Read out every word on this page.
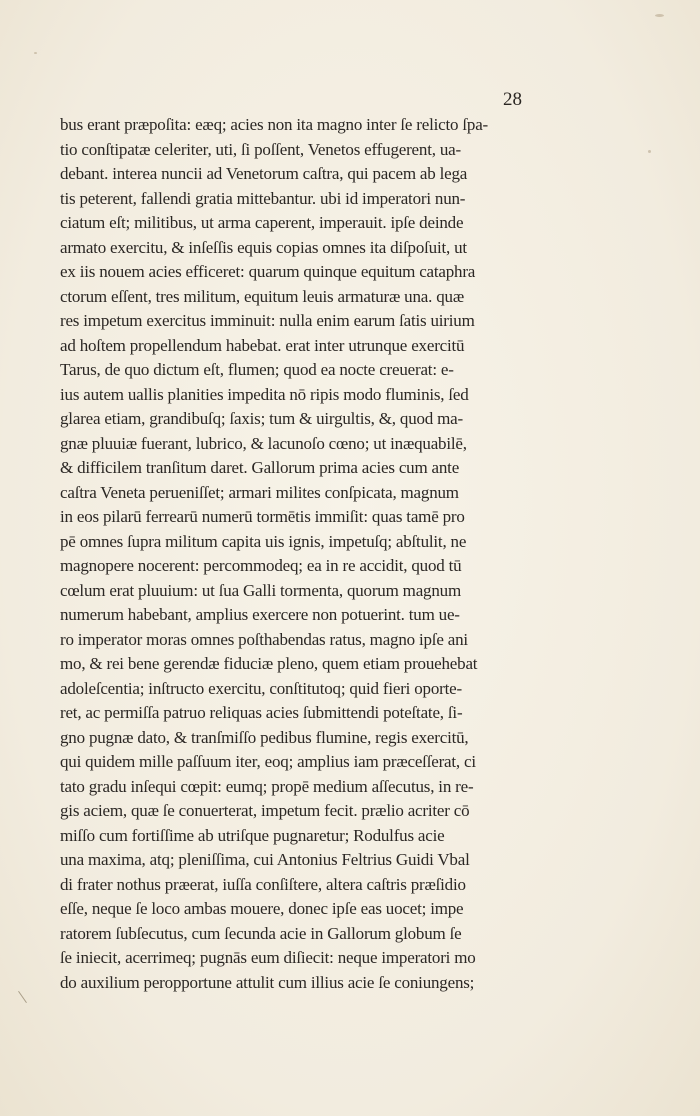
28
bus erant præpoſita: eæq; acies non ita magno inter ſe relicto ſpa-
tio conſtipatæ celeriter, uti, ſi poſſent, Venetos effugerent, ua-
debant. interea nuncii ad Venetorum caſtra, qui pacem ab lega
tis peterent, fallendi gratia mittebantur. ubi id imperatori nun-
ciatum eſt; militibus, ut arma caperent, imperauit. ipſe deinde
armato exercitu, & inſeſſis equis copias omnes ita diſpoſuit, ut
ex iis nouem acies efficeret: quarum quinque equitum cataphra
ctorum eſſent, tres militum, equitum leuis armaturæ una. quæ
res impetum exercitus imminuit: nulla enim earum ſatis uirium
ad hoſtem propellendum habebat. erat inter utrunque exercitū
Tarus, de quo dictum eſt, flumen; quod ea nocte creuerat: e-
ius autem uallis planities impedita nō ripis modo fluminis, ſed
glarea etiam, grandibuſq; ſaxis; tum & uirgultis, &, quod ma-
gnæ pluuiæ fuerant, lubrico, & lacunoſo cœno; ut inæquabilē,
& difficilem tranſitum daret. Gallorum prima acies cum ante
caſtra Veneta perueniſſet; armari milites conſpicata, magnum
in eos pilarū ferrearū numerū tormētis immiſit: quas tamē pro
pē omnes ſupra militum capita uis ignis, impetuſq; abſtulit, ne
magnopere nocerent: percommodeq; ea in re accidit, quod tū
cœlum erat pluuium: ut ſua Galli tormenta, quorum magnum
numerum habebant, amplius exercere non potuerint. tum ue-
ro imperator moras omnes poſthabendas ratus, magno ipſe ani
mo, & rei bene gerendæ fiduciæ pleno, quem etiam prouehebat
adoleſcentia; inſtructo exercitu, conſtitutoq; quid fieri oporte-
ret, ac permiſſa patruo reliquas acies ſubmittendi poteſtate, ſi-
gno pugnæ dato, & tranſmiſſo pedibus flumine, regis exercitū,
qui quidem mille paſſuum iter, eoq; amplius iam præceſſerat, ci
tato gradu inſequi cœpit: eumq; propē medium aſſecutus, in re-
gis aciem, quæ ſe conuerterat, impetum fecit. prælio acriter cō
miſſo cum fortiſſime ab utriſque pugnaretur; Rodulfus acie
una maxima, atq; pleniſſima, cui Antonius Feltrius Guidi Vbal
di frater nothus præerat, iuſſa conſiſtere, altera caſtris præſidio
eſſe, neque ſe loco ambas mouere, donec ipſe eas uocet; impe
ratorem ſubſecutus, cum ſecunda acie in Gallorum globum ſe
ſe iniecit, acerrimeq; pugnās eum diſiecit: neque imperatori mo
do auxilium peropportune attulit cum illius acie ſe coniungens;
